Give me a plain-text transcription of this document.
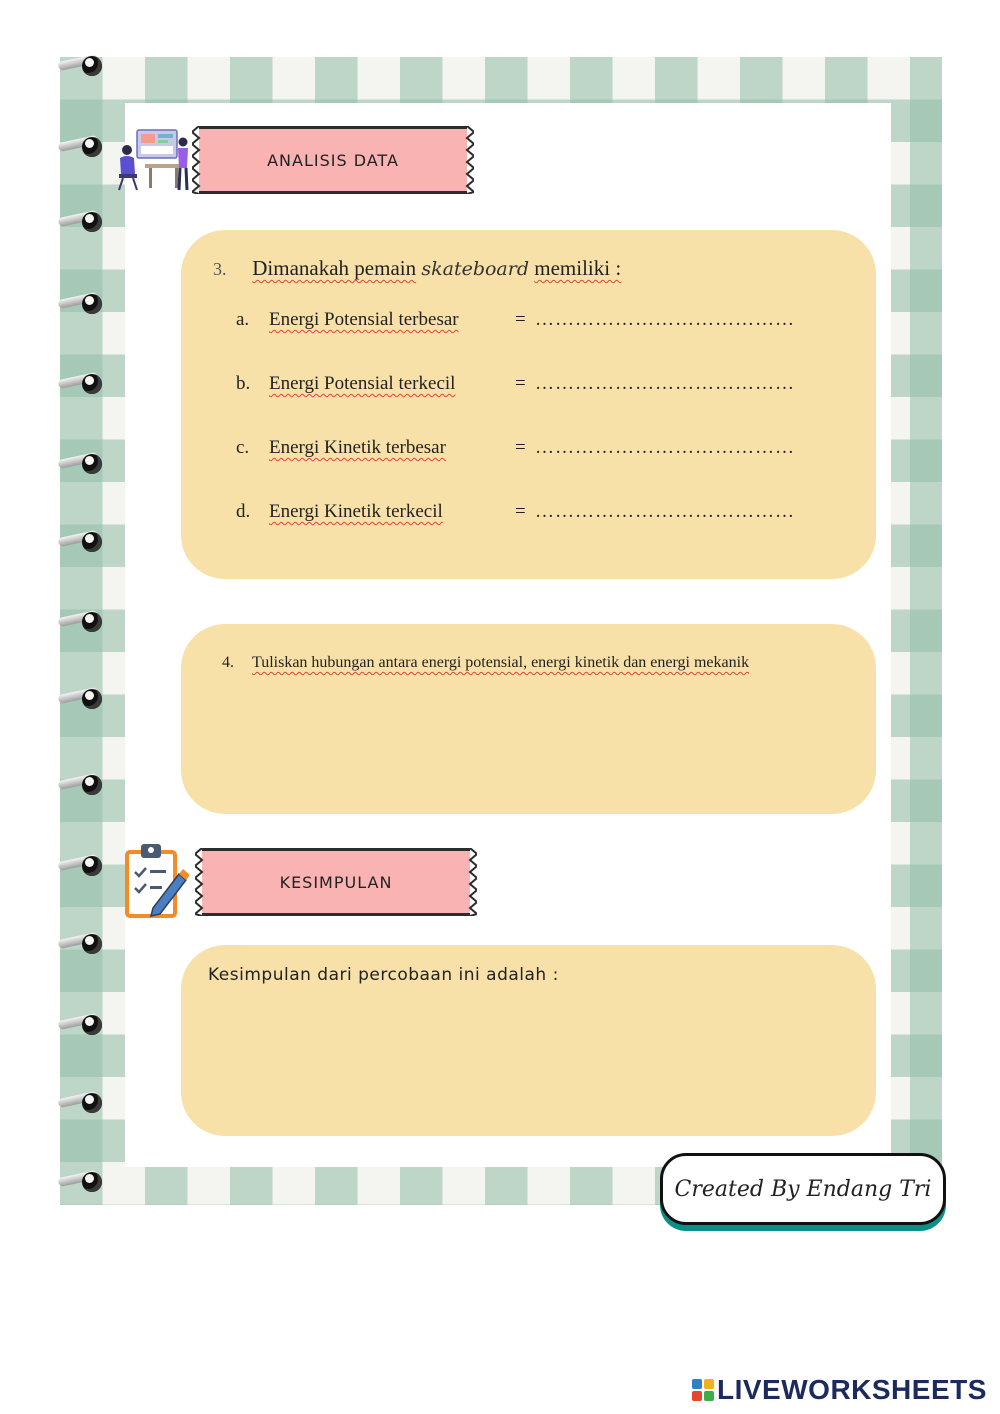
ANALISIS DATA
3. Dimanakah pemain skateboard memiliki :
a. Energi Potensial terbesar	= …………………………………
b. Energi Potensial terkecil	= …………………………………
c. Energi Kinetik terbesar	= …………………………………
d. Energi Kinetik terkecil	= …………………………………
4. Tuliskan hubungan antara energi potensial, energi kinetik dan energi mekanik
KESIMPULAN
Kesimpulan dari percobaan ini adalah :
Created By Endang Tri
LIVEWORKSHEETS
